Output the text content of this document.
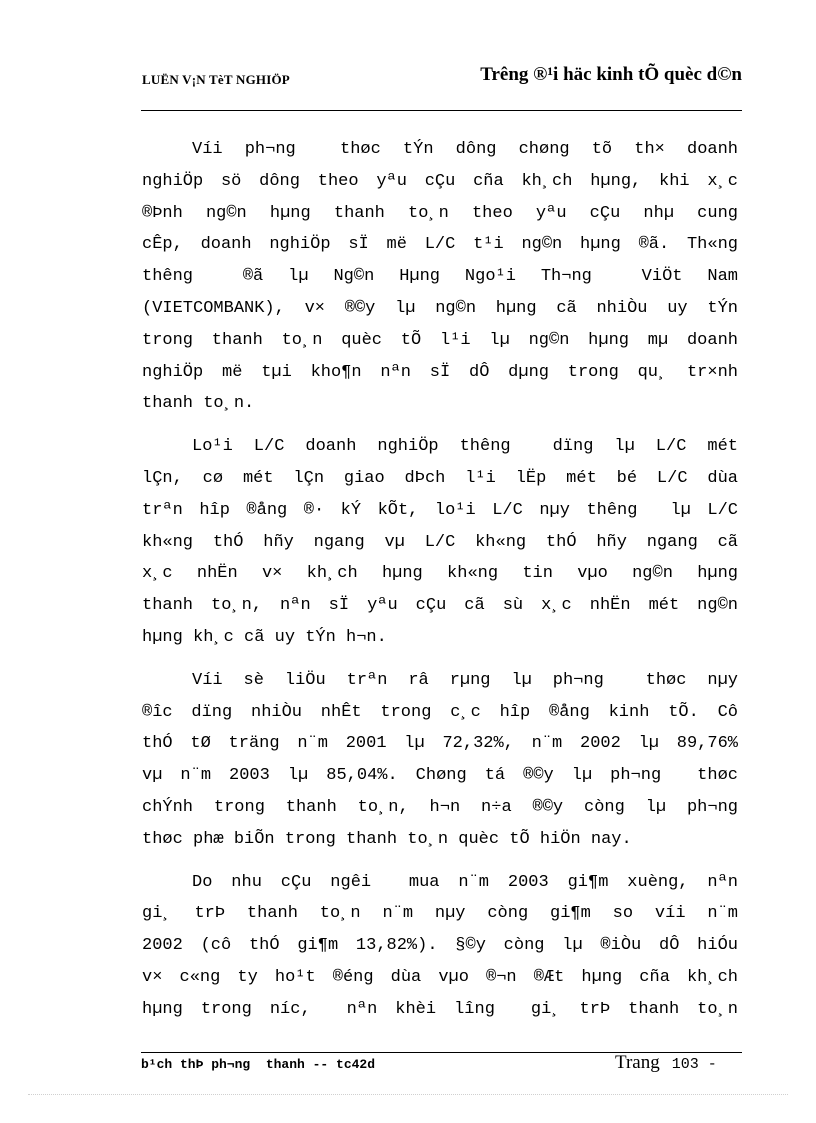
LUËN V¡N TèT NGHIÖP	Trêng ®¹i häc kinh tÕ quèc d©n
Víi ph¬ng  thøc tÝn dông chøng tõ th× doanh
nghiÖp sö dông theo yªu cÇu cña kh¸ch hµng, khi x¸c
®Þnh ng©n hµng thanh to¸n theo yªu cÇu nhµ cung
cÊp, doanh nghiÖp sÏ më L/C t¹i ng©n hµng ®ã. Th«ng
thêng  ®ã lµ Ng©n Hµng Ngo¹i Th¬ng  ViÖt Nam
(VIETCOMBANK), v× ®©y lµ ng©n hµng cã nhiÒu uy tÝn
trong thanh to¸n quèc tÕ l¹i lµ ng©n hµng mµ doanh
nghiÖp më tµi kho¶n nªn sÏ dÔ dµng trong qu¸ tr×nh
thanh to¸n.
Lo¹i L/C doanh nghiÖp thêng  dïng lµ L/C mét
lÇn, cø mét lÇn giao dÞch l¹i lËp mét bé L/C dùa
trªn hîp ®ång ®· kÝ kÕt, lo¹i L/C nµy thêng  lµ L/C
kh«ng thÓ hñy ngang vµ L/C kh«ng thÓ hñy ngang cã
x¸c nhËn v× kh¸ch hµng kh«ng tin vµo ng©n hµng
thanh to¸n, nªn sÏ yªu cÇu cã sù x¸c nhËn mét ng©n
hµng kh¸c cã uy tÝn h¬n.
Víi sè liÖu trªn râ rµng lµ ph¬ng  thøc nµy
®îc dïng nhiÒu nhÊt trong c¸c hîp ®ång kinh tÕ. Cô
thÓ tØ träng n¨m 2001 lµ 72,32%, n¨m 2002 lµ 89,76%
vµ n¨m 2003 lµ 85,04%. Chøng tá ®©y lµ ph¬ng  thøc
chÝnh trong thanh to¸n, h¬n n÷a ®©y còng lµ ph¬ng
thøc phæ biÕn trong thanh to¸n quèc tÕ hiÖn nay.
Do nhu cÇu ngêi  mua n¨m 2003 gi¶m xuèng, nªn
gi¸ trÞ thanh to¸n n¨m nµy còng gi¶m so víi n¨m
2002 (cô thÓ gi¶m 13,82%). §©y còng lµ ®iÒu dÔ hiÓu
v× c«ng ty ho¹t ®éng dùa vµo ®¬n ®Æt hµng cña kh¸ch
hµng trong níc,  nªn khèi lîng  gi¸ trÞ thanh to¸n
b¹ch thÞ ph¬ng  thanh -- tc42d	Trang 103 -
